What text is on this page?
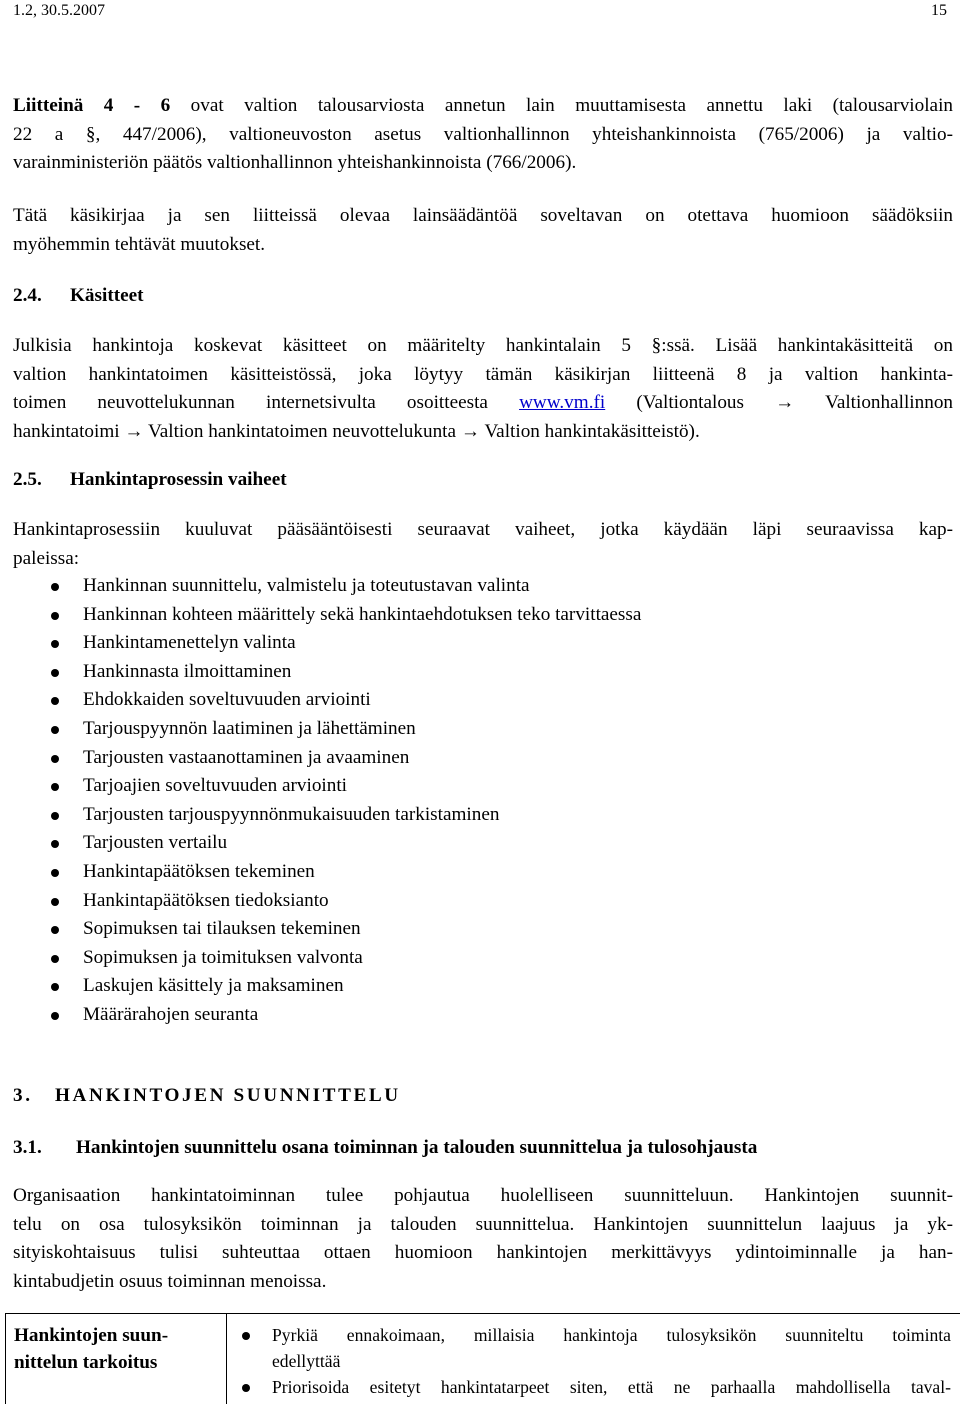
1.2, 30.5.2007	15
Liitteinä 4 - 6 ovat valtion talousarviosta annetun lain muuttamisesta annettu laki (talousarviolain
22 a §, 447/2006), valtioneuvoston asetus valtionhallinnon yhteishankinnoista (765/2006) ja valtio-
varainministeriön päätös valtionhallinnon yhteishankinnoista (766/2006).
Tätä käsikirjaa ja sen liitteissä olevaa lainsäädäntöä soveltavan on otettava huomioon säädöksiin
myöhemmin tehtävät muutokset.
2.4. Käsitteet
Julkisia hankintoja koskevat käsitteet on määritelty hankintalain 5 §:ssä. Lisää hankintakäsitteitä on
valtion hankintatoimen käsitteistössä, joka löytyy tämän käsikirjan liitteenä 8 ja valtion hankinta-
toimen neuvottelukunnan internetsivulta osoitteesta www.vm.fi (Valtiontalous → Valtionhallinnon
hankintatoimi → Valtion hankintatoimen neuvottelukunta → Valtion hankintakäsitteistö).
2.5. Hankintaprosessin vaiheet
Hankintaprosessiin kuuluvat pääsääntöisesti seuraavat vaiheet, jotka käydään läpi seuraavissa kap-
paleissa:
Hankinnan suunnittelu, valmistelu ja toteutustavan valinta
Hankinnan kohteen määrittely sekä hankintaehdotuksen teko tarvittaessa
Hankintamenettelyn valinta
Hankinnasta ilmoittaminen
Ehdokkaiden soveltuvuuden arviointi
Tarjouspyynnön laatiminen ja lähettäminen
Tarjousten vastaanottaminen ja avaaminen
Tarjoajien soveltuvuuden arviointi
Tarjousten tarjouspyynnönmukaisuuden tarkistaminen
Tarjousten vertailu
Hankintapäätöksen tekeminen
Hankintapäätöksen tiedoksianto
Sopimuksen tai tilauksen tekeminen
Sopimuksen ja toimituksen valvonta
Laskujen käsittely ja maksaminen
Määrärahojen seuranta
3. HANKINTOJEN SUUNNITTELU
3.1. Hankintojen suunnittelu osana toiminnan ja talouden suunnittelua ja tulosohjausta
Organisaation hankintatoiminnan tulee pohjautua huolelliseen suunnitteluun. Hankintojen suunnit-
telu on osa tulosyksikön toiminnan ja talouden suunnittelua. Hankintojen suunnittelun laajuus ja yk-
sityiskohtaisuus tulisi suhteuttaa ottaen huomioon hankintojen merkittävyys ydintoiminnalle ja han-
kintabudjetin osuus toiminnan menoissa.
Hankintojen suun-
nittelun tarkoitus
Pyrkiä ennakoimaan, millaisia hankintoja tulosyksikön suunniteltu toiminta
edellyttää
Priorisoida esitetyt hankintatarpeet siten, että ne parhaalla mahdollisella taval-
